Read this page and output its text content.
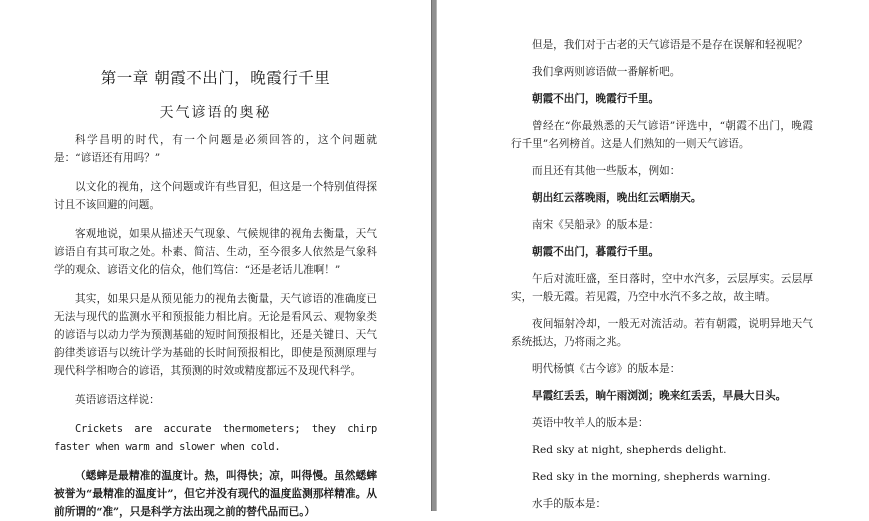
第一章 朝霞不出门，晚霞行千里
天气谚语的奥秘

科学昌明的时代，有一个问题是必须回答的，这个问题就是：“谚语还有用吗？”

以文化的视角，这个问题或许有些冒犯，但这是一个特别值得探讨且不该回避的问题。

客观地说，如果从描述天气现象、气候规律的视角去衡量，天气谚语自有其可取之处。朴素、简洁、生动，至今很多人依然是气象科学的观众、谚语文化的信众，他们笃信：“还是老话儿准啊！”

其实，如果只是从预见能力的视角去衡量，天气谚语的准确度已无法与现代的监测水平和预报能力相比肩。无论是看风云、观物象类的谚语与以动力学为预测基础的短时间预报相比，还是关键日、天气韵律类谚语与以统计学为基础的长时间预报相比，即使是预测原理与现代科学相吻合的谚语，其预测的时效或精度都远不及现代科学。

英语谚语这样说：

Crickets are accurate thermometers; they chirp faster when warm and slower when cold.

（蟋蟀是最精准的温度计。热，叫得快；凉，叫得慢。虽然蟋蟀被誉为“最精准的温度计”，但它并没有现代的温度监测那样精准。从前所谓的“准”，只是科学方法出现之前的替代品而已。）

但是，我们对于古老的天气谚语是不是存在误解和轻视呢？

我们拿两则谚语做一番解析吧。

朝霞不出门，晚霞行千里。

曾经在“你最熟悉的天气谚语”评选中，“朝霞不出门，晚霞行千里”名列榜首。这是人们熟知的一则天气谚语。

而且还有其他一些版本，例如：

朝出红云落晚雨，晚出红云晒崩天。

南宋《吴船录》的版本是：

朝霞不出门，暮霞行千里。

午后对流旺盛，至日落时，空中水汽多，云层厚实。云层厚实，一般无霞。若见霞，乃空中水汽不多之故，故主晴。

夜间辐射冷却，一般无对流活动。若有朝霞，说明异地天气系统抵达，乃将雨之兆。

明代杨慎《古今谚》的版本是：

早霞红丢丢，晌午雨浏浏；晚来红丢丢，早晨大日头。

英语中牧羊人的版本是：

Red sky at night, shepherds delight.

Red sky in the morning, shepherds warning.

水手的版本是：
